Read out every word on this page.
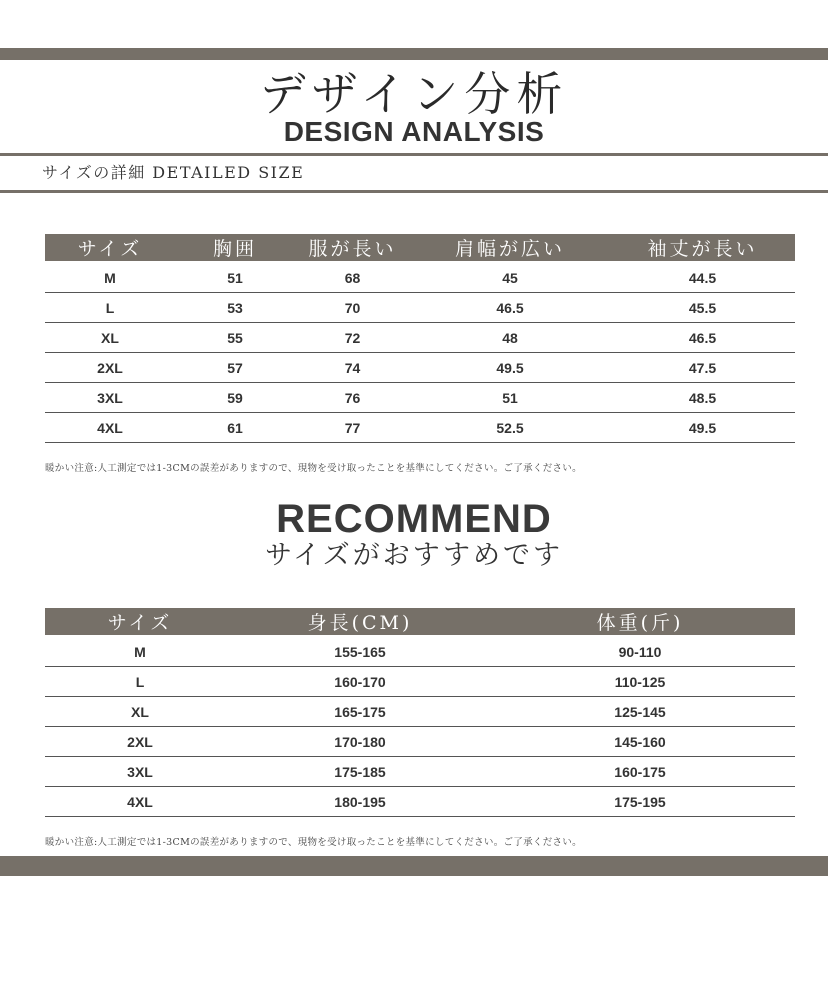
デザイン分析
DESIGN ANALYSIS
サイズの詳細 DETAILED SIZE
サイズ	胸囲	服が長い	肩幅が広い	袖丈が長い
M	51	68	45	44.5
L	53	70	46.5	45.5
XL	55	72	48	46.5
2XL	57	74	49.5	47.5
3XL	59	76	51	48.5
4XL	61	77	52.5	49.5
暖かい注意:人工測定では1-3CMの誤差がありますので、現物を受け取ったことを基準にしてください。ご了承ください。
RECOMMEND
サイズがおすすめです
サイズ	身長(CM)	体重(斤)
M	155-165	90-110
L	160-170	110-125
XL	165-175	125-145
2XL	170-180	145-160
3XL	175-185	160-175
4XL	180-195	175-195
暖かい注意:人工測定では1-3CMの誤差がありますので、現物を受け取ったことを基準にしてください。ご了承ください。
